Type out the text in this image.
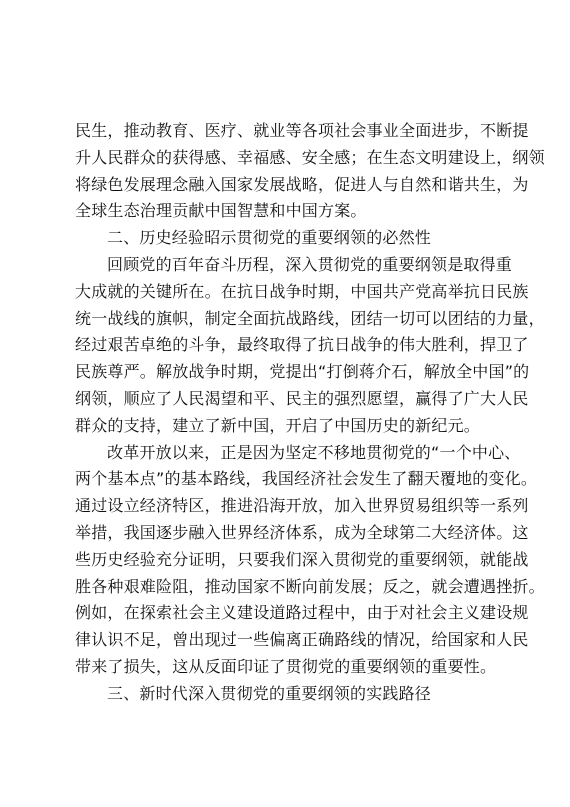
民生，推动教育、医疗、就业等各项社会事业全面进步，不断提
升人民群众的获得感、幸福感、安全感；在生态文明建设上，纲领
将绿色发展理念融入国家发展战略，促进人与自然和谐共生，为
全球生态治理贡献中国智慧和中国方案。
二、历史经验昭示贯彻党的重要纲领的必然性
回顾党的百年奋斗历程，深入贯彻党的重要纲领是取得重
大成就的关键所在。在抗日战争时期，中国共产党高举抗日民族
统一战线的旗帜，制定全面抗战路线，团结一切可以团结的力量，
经过艰苦卓绝的斗争，最终取得了抗日战争的伟大胜利，捍卫了
民族尊严。解放战争时期，党提出“打倒蒋介石，解放全中国”的
纲领，顺应了人民渴望和平、民主的强烈愿望，赢得了广大人民
群众的支持，建立了新中国，开启了中国历史的新纪元。
改革开放以来，正是因为坚定不移地贯彻党的“一个中心、
两个基本点”的基本路线，我国经济社会发生了翻天覆地的变化。
通过设立经济特区，推进沿海开放，加入世界贸易组织等一系列
举措，我国逐步融入世界经济体系，成为全球第二大经济体。这
些历史经验充分证明，只要我们深入贯彻党的重要纲领，就能战
胜各种艰难险阻，推动国家不断向前发展；反之，就会遭遇挫折。
例如，在探索社会主义建设道路过程中，由于对社会主义建设规
律认识不足，曾出现过一些偏离正确路线的情况，给国家和人民
带来了损失，这从反面印证了贯彻党的重要纲领的重要性。
三、新时代深入贯彻党的重要纲领的实践路径
